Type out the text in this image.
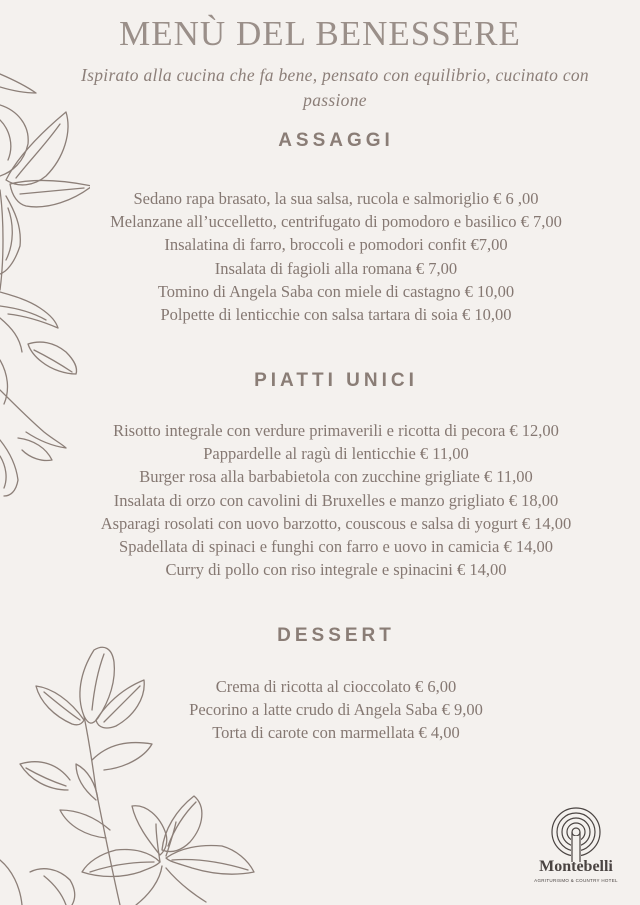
MENÙ DEL BENESSERE

Ispirato alla cucina che fa bene, pensato con equilibrio, cucinato con passione

ASSAGGI
Sedano rapa brasato, la sua salsa, rucola e salmoriglio € 6 ,00
Melanzane all’uccelletto, centrifugato di pomodoro e basilico € 7,00
Insalatina di farro, broccoli e pomodori confit €7,00
Insalata di fagioli alla romana € 7,00
Tomino di Angela Saba con miele di castagno € 10,00
Polpette di lenticchie con salsa tartara di soia € 10,00
PIATTI UNICI
Risotto integrale con verdure primaverili e ricotta di pecora € 12,00
Pappardelle al ragù di lenticchie € 11,00
Burger rosa alla barbabietola con zucchine grigliate € 11,00
Insalata di orzo con cavolini di Bruxelles e manzo grigliato € 18,00
Asparagi rosolati con uovo barzotto, couscous e salsa di yogurt € 14,00
Spadellata di spinaci e funghi con farro e uovo in camicia € 14,00
Curry di pollo con riso integrale e spinacini € 14,00
DESSERT
Crema di ricotta al cioccolato € 6,00
Pecorino a latte crudo di Angela Saba € 9,00
Torta di carote con marmellata € 4,00

Montebelli

AGRITURISMO & COUNTRY HOTEL
